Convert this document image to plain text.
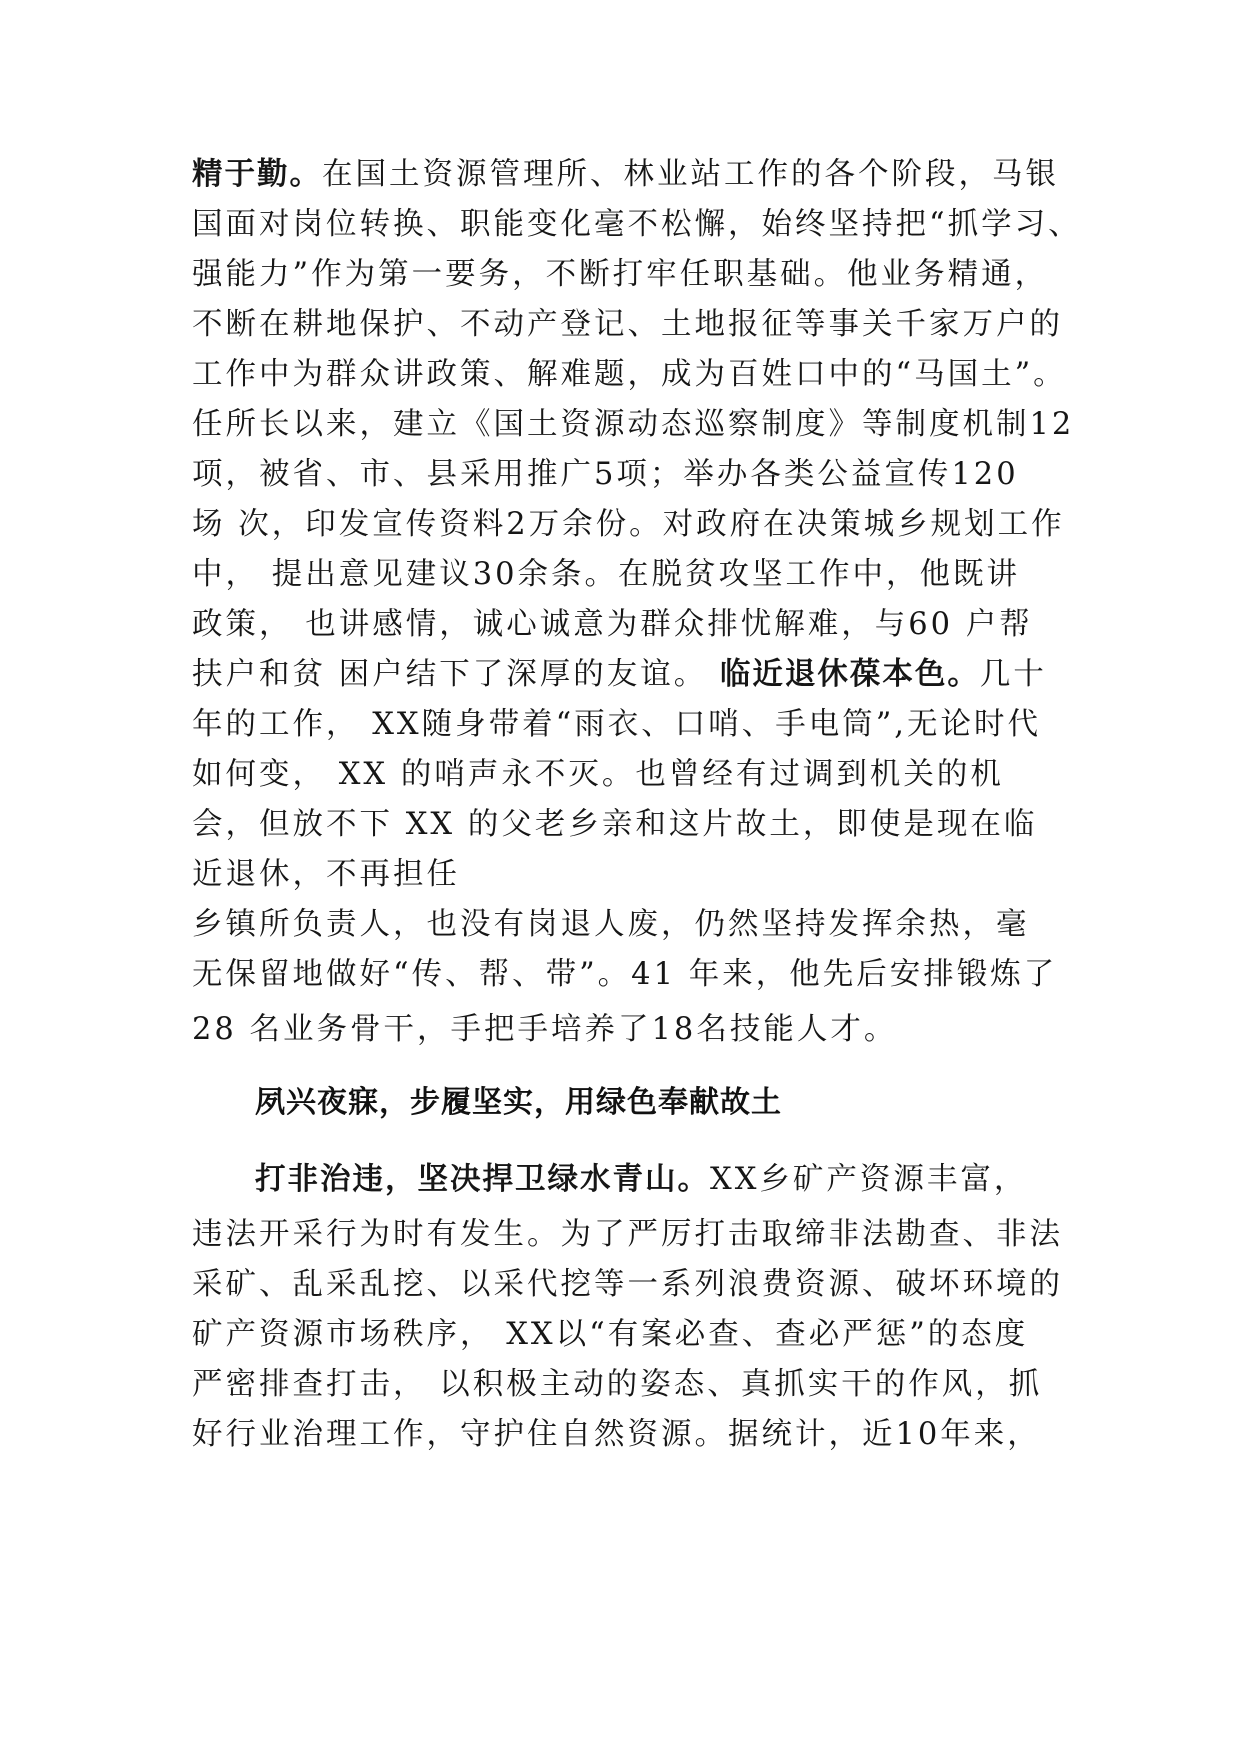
精于勤。在国土资源管理所、林业站工作的各个阶段，马银
国面对岗位转换、职能变化毫不松懈，始终坚持把“抓学习、
强能力”作为第一要务，不断打牢任职基础。他业务精通，
不断在耕地保护、不动产登记、土地报征等事关千家万户的
工作中为群众讲政策、解难题，成为百姓口中的“马国土”。
任所长以来，建立《国土资源动态巡察制度》等制度机制12
项，被省、市、县采用推广5项；举办各类公益宣传120
场 次，印发宣传资料2万余份。对政府在决策城乡规划工作
中， 提出意见建议30余条。在脱贫攻坚工作中，他既讲
政策， 也讲感情，诚心诚意为群众排忧解难，与60 户帮
扶户和贫 困户结下了深厚的友谊。 临近退休葆本色。几十
年的工作， XX随身带着“雨衣、口哨、手电筒”,无论时代
如何变， XX 的哨声永不灭。也曾经有过调到机关的机
会，但放不下 XX 的父老乡亲和这片故土，即使是现在临
近退休，不再担任
乡镇所负责人，也没有岗退人废，仍然坚持发挥余热，毫
无保留地做好“传、帮、带”。41 年来，他先后安排锻炼了
28 名业务骨干，手把手培养了18名技能人才。
夙兴夜寐，步履坚实，用绿色奉献故土
打非治违，坚决捍卫绿水青山。XX乡矿产资源丰富，
违法开采行为时有发生。为了严厉打击取缔非法勘查、非法
采矿、乱采乱挖、以采代挖等一系列浪费资源、破坏环境的
矿产资源市场秩序， XX以“有案必查、查必严惩”的态度
严密排查打击， 以积极主动的姿态、真抓实干的作风，抓
好行业治理工作，守护住自然资源。据统计，近10年来，
